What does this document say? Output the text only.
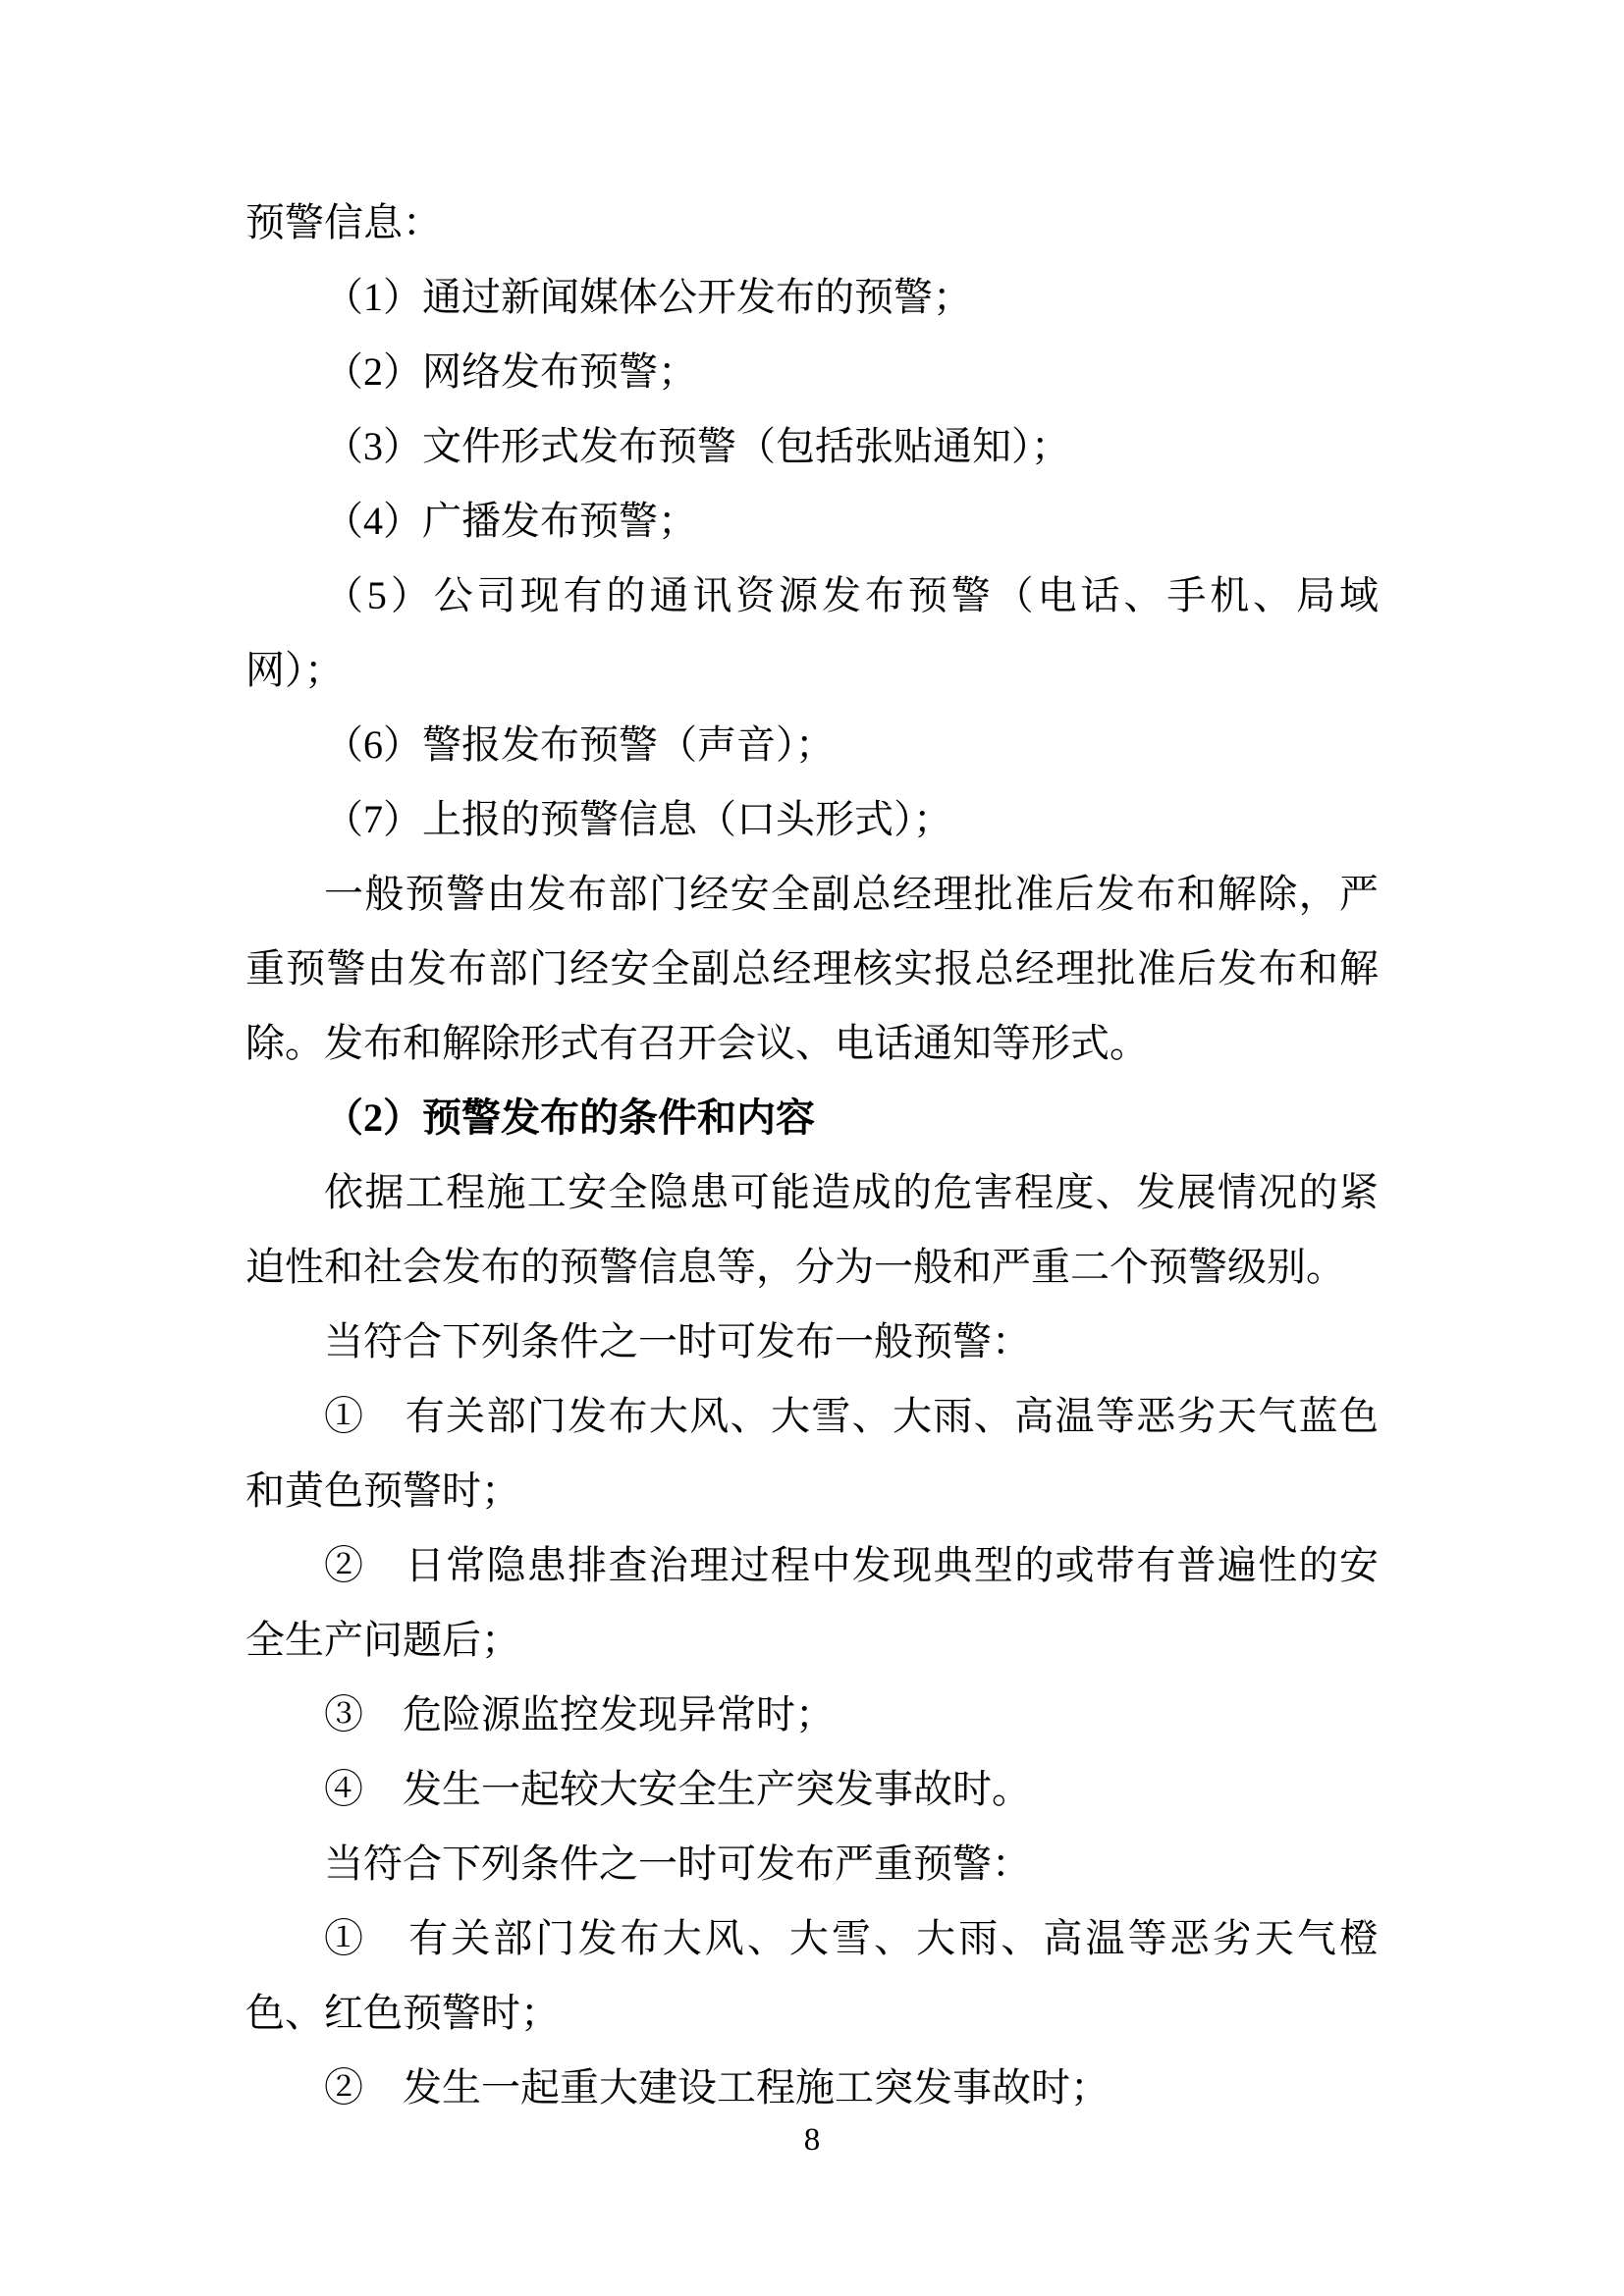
预警信息：

（1）通过新闻媒体公开发布的预警；

（2）网络发布预警；

（3）文件形式发布预警（包括张贴通知）；

（4）广播发布预警；

（5）公司现有的通讯资源发布预警（电话、手机、局域网）；

（6）警报发布预警（声音）；

（7）上报的预警信息（口头形式）；

一般预警由发布部门经安全副总经理批准后发布和解除，严重预警由发布部门经安全副总经理核实报总经理批准后发布和解除。发布和解除形式有召开会议、电话通知等形式。

（2）预警发布的条件和内容

依据工程施工安全隐患可能造成的危害程度、发展情况的紧迫性和社会发布的预警信息等，分为一般和严重二个预警级别。

当符合下列条件之一时可发布一般预警：

①　有关部门发布大风、大雪、大雨、高温等恶劣天气蓝色和黄色预警时；

②　日常隐患排查治理过程中发现典型的或带有普遍性的安全生产问题后；

③　危险源监控发现异常时；

④　发生一起较大安全生产突发事故时。

当符合下列条件之一时可发布严重预警：

①　有关部门发布大风、大雪、大雨、高温等恶劣天气橙色、红色预警时；

②　发生一起重大建设工程施工突发事故时；

8
